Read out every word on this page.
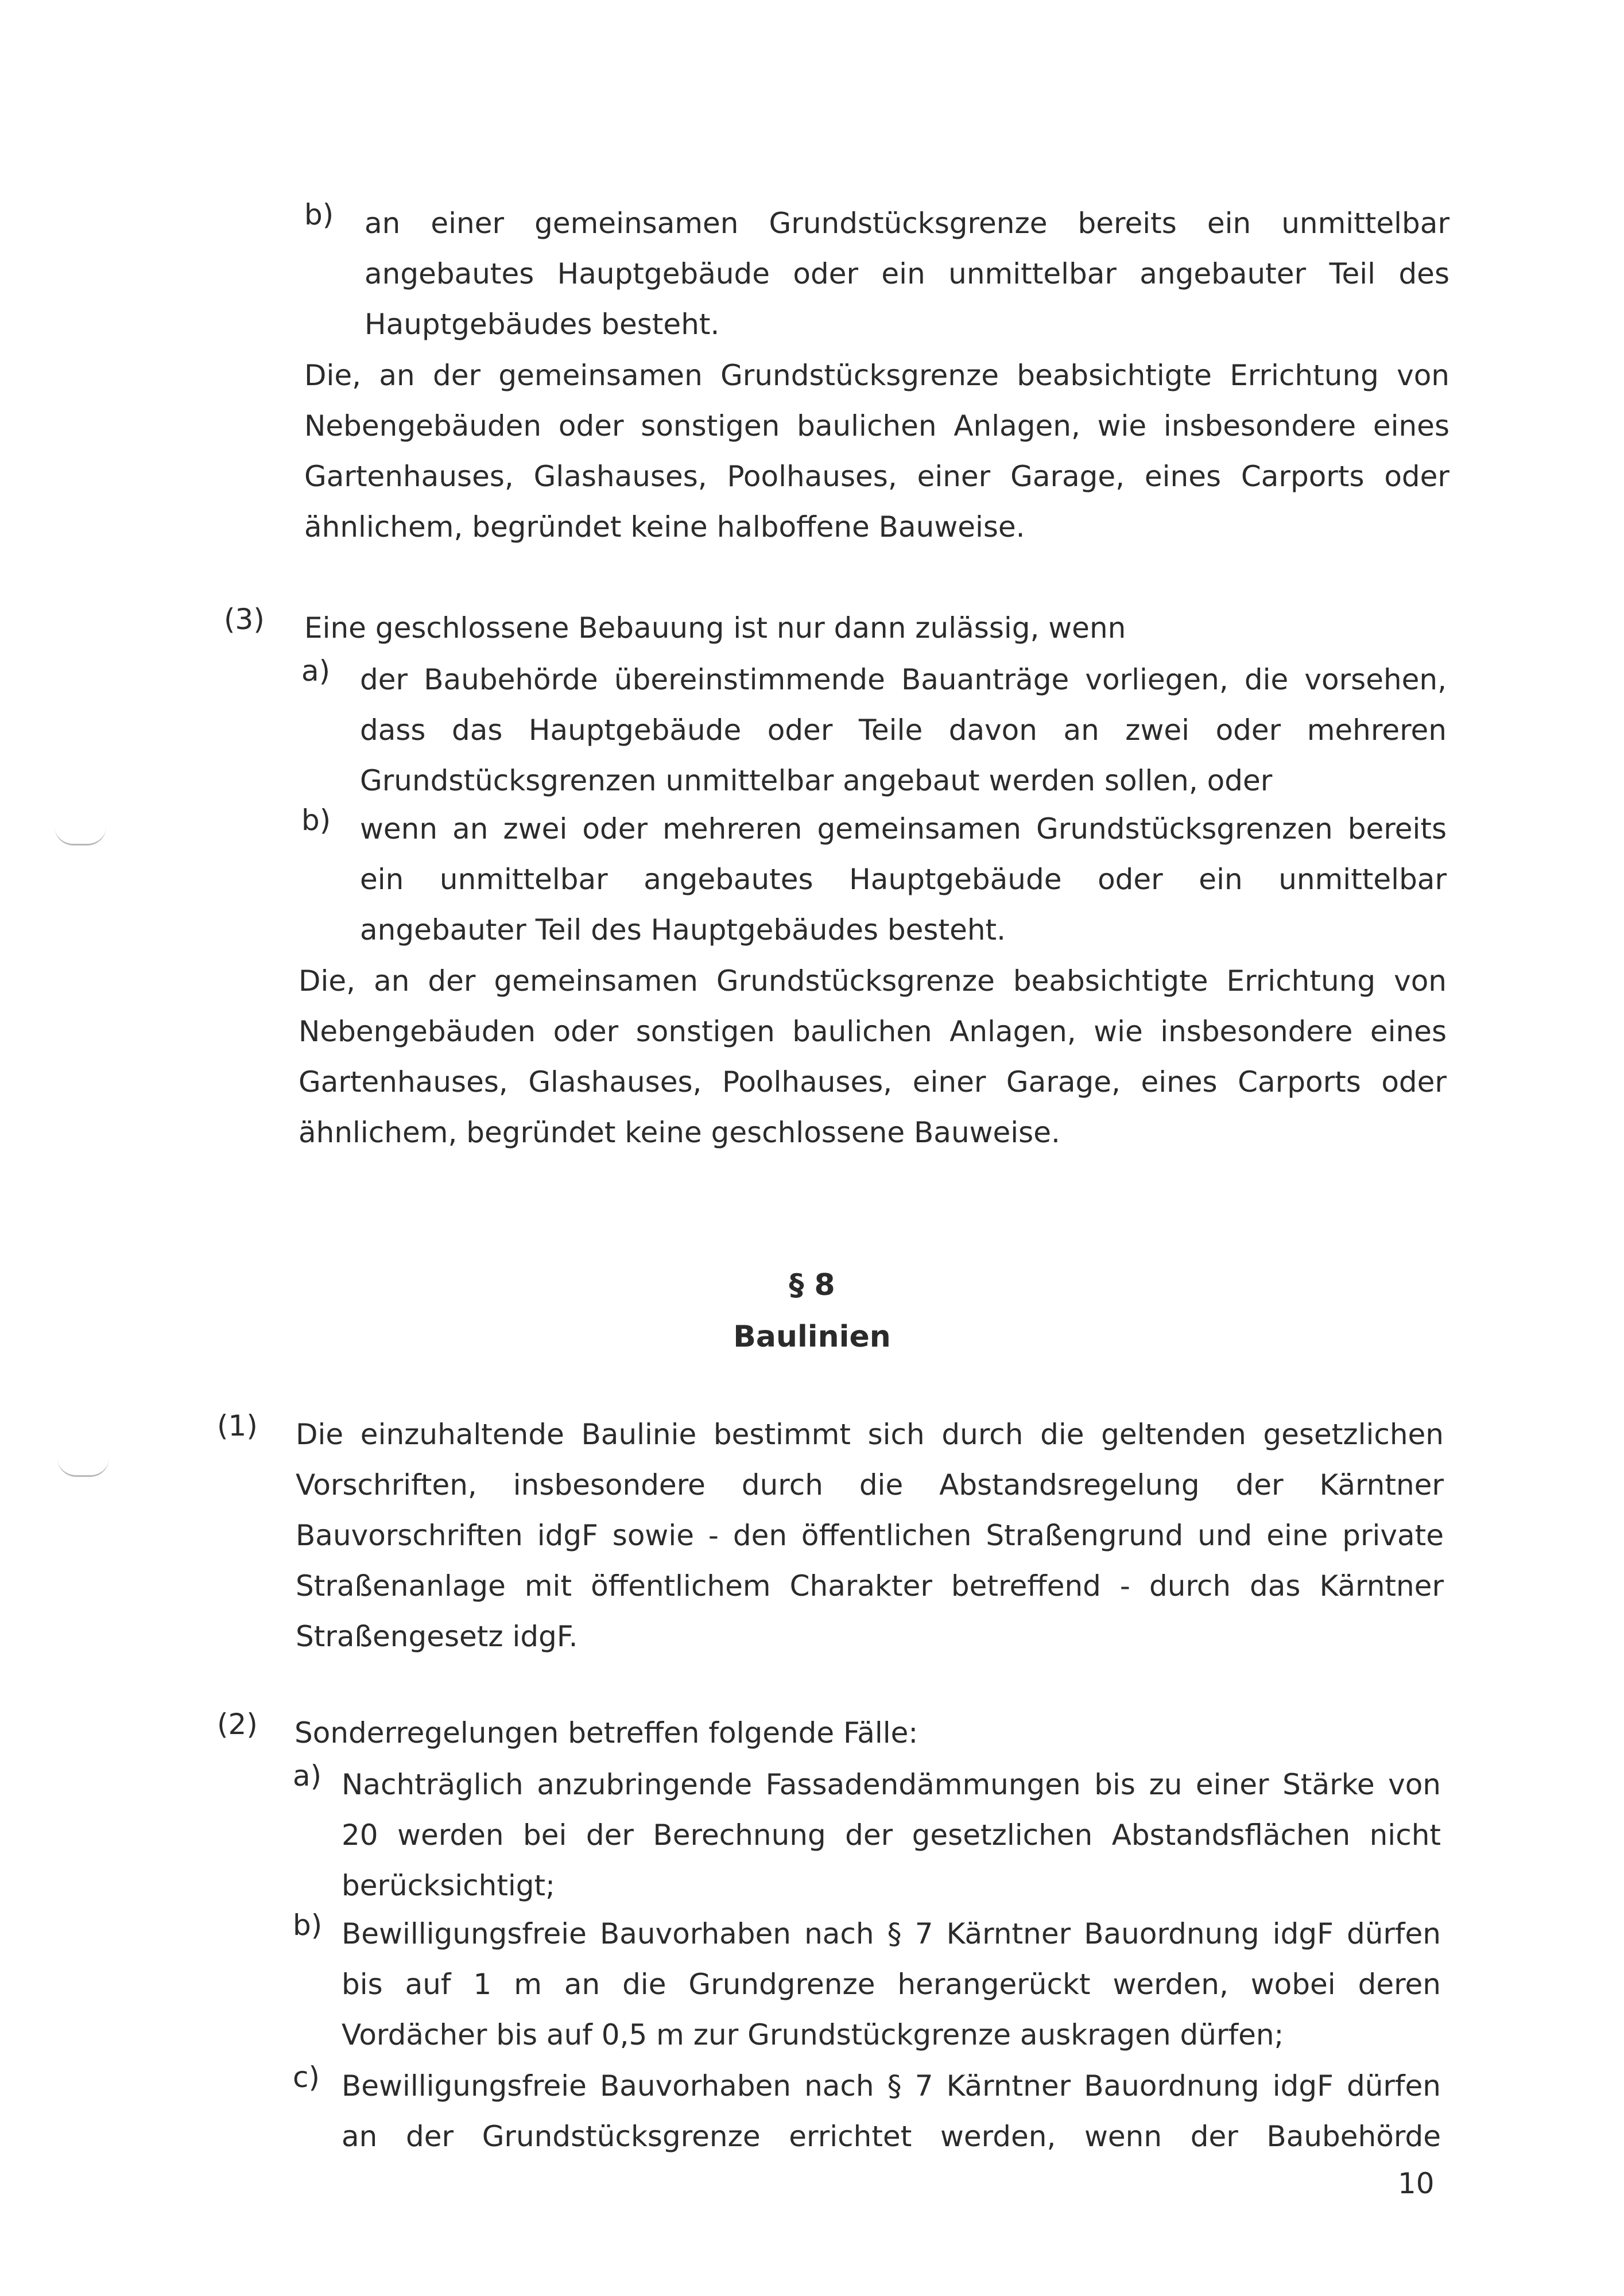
b) an einer gemeinsamen Grundstücksgrenze bereits ein unmittelbar angebautes Hauptgebäude oder ein unmittelbar angebauter Teil des Hauptgebäudes besteht.
Die, an der gemeinsamen Grundstücksgrenze beabsichtigte Errichtung von Nebengebäuden oder sonstigen baulichen Anlagen, wie insbesondere eines Gartenhauses, Glashauses, Poolhauses, einer Garage, eines Carports oder ähnlichem, begründet keine halboffene Bauweise.
(3) Eine geschlossene Bebauung ist nur dann zulässig, wenn
a) der Baubehörde übereinstimmende Bauanträge vorliegen, die vorsehen, dass das Hauptgebäude oder Teile davon an zwei oder mehreren Grundstücksgrenzen unmittelbar angebaut werden sollen, oder
b) wenn an zwei oder mehreren gemeinsamen Grundstücksgrenzen bereits ein unmittelbar angebautes Hauptgebäude oder ein unmittelbar angebauter Teil des Hauptgebäudes besteht.
Die, an der gemeinsamen Grundstücksgrenze beabsichtigte Errichtung von Nebengebäuden oder sonstigen baulichen Anlagen, wie insbesondere eines Gartenhauses, Glashauses, Poolhauses, einer Garage, eines Carports oder ähnlichem, begründet keine geschlossene Bauweise.
§ 8
Baulinien
(1) Die einzuhaltende Baulinie bestimmt sich durch die geltenden gesetzlichen Vorschriften, insbesondere durch die Abstandsregelung der Kärntner Bauvorschriften idgF sowie - den öffentlichen Straßengrund und eine private Straßenanlage mit öffentlichem Charakter betreffend - durch das Kärntner Straßengesetz idgF.
(2) Sonderregelungen betreffen folgende Fälle:
a) Nachträglich anzubringende Fassadendämmungen bis zu einer Stärke von 20 werden bei der Berechnung der gesetzlichen Abstandsflächen nicht berücksichtigt;
b) Bewilligungsfreie Bauvorhaben nach § 7 Kärntner Bauordnung idgF dürfen bis auf 1 m an die Grundgrenze herangerückt werden, wobei deren Vordächer bis auf 0,5 m zur Grundstückgrenze auskragen dürfen;
c) Bewilligungsfreie Bauvorhaben nach § 7 Kärntner Bauordnung idgF dürfen an der Grundstücksgrenze errichtet werden, wenn der Baubehörde
10
